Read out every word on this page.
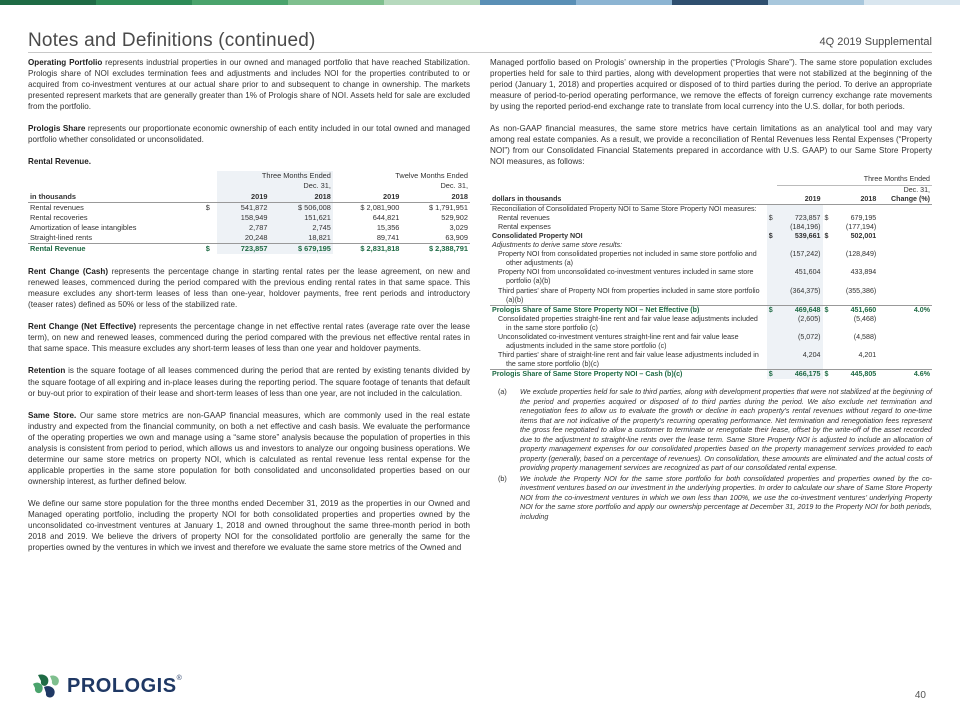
Notes and Definitions (continued)	4Q 2019 Supplemental

Operating Portfolio represents industrial properties in our owned and managed portfolio that have reached Stabilization. Prologis share of NOI excludes termination fees and adjustments and includes NOI for the properties contributed to or acquired from co-investment ventures at our actual share prior to and subsequent to change in ownership. The markets presented represent markets that are generally greater than 1% of Prologis share of NOI. Assets held for sale are excluded from the portfolio.

Prologis Share represents our proportionate economic ownership of each entity included in our total owned and managed portfolio whether consolidated or unconsolidated.

Rental Revenue.

		Three Months Ended
Dec. 31,		Twelve Months Ended
Dec. 31,	

in thousands		2019	2018	2019	2018
Rental revenues	$	541,872	$ 506,008	$ 2,081,900	$ 1,791,951
Rental recoveries		158,949	151,621	644,821	529,902
Amortization of lease intangibles		2,787	2,745	15,356	3,029
Straight-lined rents		20,248	18,821	89,741	63,909
Rental Revenue	$	723,857	$ 679,195	$ 2,831,818	$ 2,388,791

Rent Change (Cash) represents the percentage change in starting rental rates per the lease agreement, on new and renewed leases, commenced during the period compared with the previous ending rental rates in that same space. This measure excludes any short-term leases of less than one-year, holdover payments, free rent periods and introductory (teaser rates) defined as 50% or less of the stabilized rate.

Rent Change (Net Effective) represents the percentage change in net effective rental rates (average rate over the lease term), on new and renewed leases, commenced during the period compared with the previous net effective rental rates in that same space. This measure excludes any short-term leases of less than one year and holdover payments.

Retention is the square footage of all leases commenced during the period that are rented by existing tenants divided by the square footage of all expiring and in-place leases during the reporting period. The square footage of tenants that default or buy-out prior to expiration of their lease and short-term leases of less than one year, are not included in the calculation.

Same Store. Our same store metrics are non-GAAP financial measures, which are commonly used in the real estate industry and expected from the financial community, on both a net effective and cash basis. We evaluate the performance of the operating properties we own and manage using a “same store” analysis because the population of properties in this analysis is consistent from period to period, which allows us and investors to analyze our ongoing business operations. We determine our same store metrics on property NOI, which is calculated as rental revenue less rental expense for the applicable properties in the same store population for both consolidated and unconsolidated properties based on our ownership interest, as further defined below.

We define our same store population for the three months ended December 31, 2019 as the properties in our Owned and Managed operating portfolio, including the property NOI for both consolidated properties and properties owned by the unconsolidated co-investment ventures at January 1, 2018 and owned throughout the same three-month period in both 2018 and 2019. We believe the drivers of property NOI for the consolidated portfolio are generally the same for the properties owned by the ventures in which we invest and therefore we evaluate the same store metrics of the Owned and

Managed portfolio based on Prologis’ ownership in the properties (“Prologis Share”). The same store population excludes properties held for sale to third parties, along with development properties that were not stabilized at the beginning of the period (January 1, 2018) and properties acquired or disposed of to third parties during the period. To derive an appropriate measure of period-to-period operating performance, we remove the effects of foreign currency exchange rate movements by using the reported period-end exchange rate to translate from local currency into the U.S. dollar, for both periods.

As non-GAAP financial measures, the same store metrics have certain limitations as an analytical tool and may vary among real estate companies. As a result, we provide a reconciliation of Rental Revenues less Rental Expenses (“Property NOI”) from our Consolidated Financial Statements prepared in accordance with U.S. GAAP) to our Same Store Property NOI measures, as follows:

		Three Months Ended			
				Dec. 31,	
dollars in thousands		2019		2018	Change (%)
Reconciliation of Consolidated Property NOI to Same Store Property NOI measures:					
Rental revenues	$	723,857	$	679,195	
Rental expenses		(184,196)		(177,194)	
Consolidated Property NOI	$	539,661	$	502,001	
Adjustments to derive same store results:					
Property NOI from consolidated properties not included in same store portfolio and other adjustments (a)		(157,242)		(128,849)	
Property NOI from unconsolidated co-investment ventures included in same store portfolio (a)(b)		451,604		433,894	
Third parties' share of Property NOI from properties included in same store portfolio (a)(b)		(364,375)		(355,386)	
Prologis Share of Same Store Property NOI – Net Effective (b)	$	469,648	$	451,660	4.0%
Consolidated properties straight-line rent and fair value lease adjustments included in the same store portfolio (c)		(2,605)		(5,468)	
Unconsolidated co-investment ventures straight-line rent and fair value lease adjustments included in the same store portfolio (c)		(5,072)		(4,588)	
Third parties' share of straight-line rent and fair value lease adjustments included in the same store portfolio (b)(c)		4,204		4,201	
Prologis Share of Same Store Property NOI – Cash (b)(c)	$	466,175	$	445,805	4.6%
(a)	We exclude properties held for sale to third parties, along with development properties that were not stabilized at the beginning of the period and properties acquired or disposed of to third parties during the period. We also exclude net termination and renegotiation fees to allow us to evaluate the growth or decline in each property’s rental revenues without regard to one-time items that are not indicative of the property’s recurring operating performance. Net termination and renegotiation fees represent the gross fee negotiated to allow a customer to terminate or renegotiate their lease, offset by the write-off of the asset recorded due to the adjustment to straight-line rents over the lease term. Same Store Property NOI is adjusted to include an allocation of property management expenses for our consolidated properties based on the property management services provided to each property (generally, based on a percentage of revenues). On consolidation, these amounts are eliminated and the actual costs of providing property management services are recognized as part of our consolidated rental expense.
(b)	We include the Property NOI for the same store portfolio for both consolidated properties and properties owned by the co-investment ventures based on our investment in the underlying properties. In order to calculate our share of Same Store Property NOI from the co-investment ventures in which we own less than 100%, we use the co-investment ventures’ underlying Property NOI for the same store portfolio and apply our ownership percentage at December 31, 2019 to the Property NOI for both periods, including
PROLOGIS®
40
